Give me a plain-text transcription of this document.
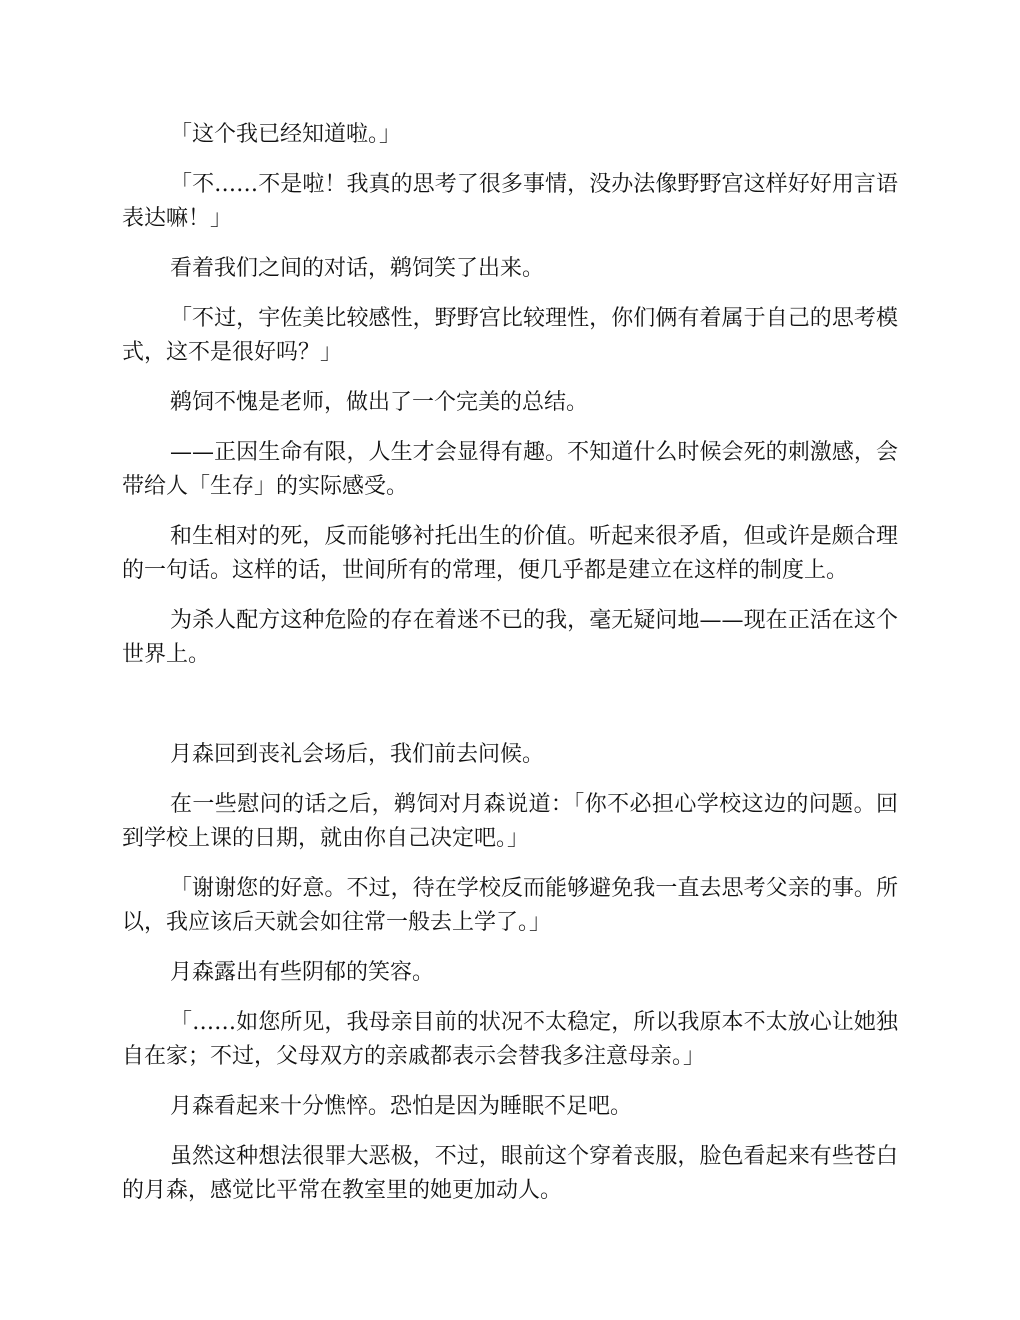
「这个我已经知道啦。」

「不……不是啦！我真的思考了很多事情，没办法像野野宫这样好好用言语表达嘛！」

看着我们之间的对话，鹈饲笑了出来。

「不过，宇佐美比较感性，野野宫比较理性，你们俩有着属于自己的思考模式，这不是很好吗？」

鹈饲不愧是老师，做出了一个完美的总结。

——正因生命有限，人生才会显得有趣。不知道什么时候会死的刺激感，会带给人「生存」的实际感受。

和生相对的死，反而能够衬托出生的价值。听起来很矛盾，但或许是颇合理的一句话。这样的话，世间所有的常理，便几乎都是建立在这样的制度上。

为杀人配方这种危险的存在着迷不已的我，毫无疑问地——现在正活在这个世界上。

月森回到丧礼会场后，我们前去问候。

在一些慰问的话之后，鹈饲对月森说道：「你不必担心学校这边的问题。回到学校上课的日期，就由你自己决定吧。」

「谢谢您的好意。不过，待在学校反而能够避免我一直去思考父亲的事。所以，我应该后天就会如往常一般去上学了。」

月森露出有些阴郁的笑容。

「……如您所见，我母亲目前的状况不太稳定，所以我原本不太放心让她独自在家；不过，父母双方的亲戚都表示会替我多注意母亲。」

月森看起来十分憔悴。恐怕是因为睡眠不足吧。

虽然这种想法很罪大恶极，不过，眼前这个穿着丧服，脸色看起来有些苍白的月森，感觉比平常在教室里的她更加动人。
